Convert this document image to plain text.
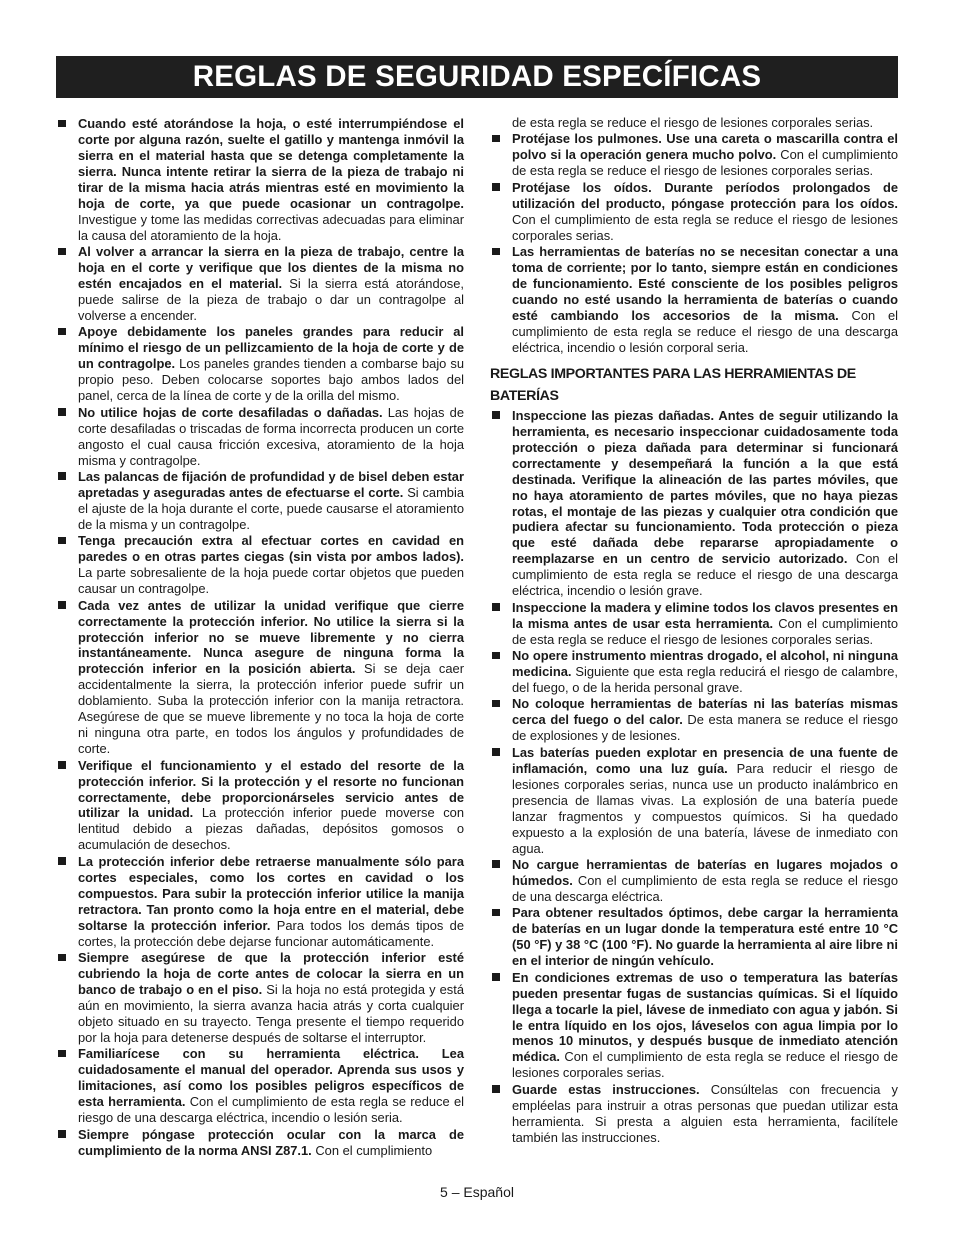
REGLAS DE SEGURIDAD ESPECÍFICAS

Cuando esté atorándose la hoja, o esté interrumpiéndose el corte por alguna razón, suelte el gatillo y mantenga inmóvil la sierra en el material hasta que se detenga completamente la sierra. Nunca intente retirar la sierra de la pieza de trabajo ni tirar de la misma hacia atrás mientras esté en movimiento la hoja de corte, ya que puede ocasionar un contragolpe. Investigue y tome las medidas correctivas adecuadas para eliminar la causa del atoramiento de la hoja.

Al volver a arrancar la sierra en la pieza de trabajo, centre la hoja en el corte y verifique que los dientes de la misma no estén encajados en el material. Si la sierra está atorándose, puede salirse de la pieza de trabajo o dar un contragolpe al volverse a encender.

Apoye debidamente los paneles grandes para reducir al mínimo el riesgo de un pellizcamiento de la hoja de corte y de un contragolpe. Los paneles grandes tienden a combarse bajo su propio peso. Deben colocarse soportes bajo ambos lados del panel, cerca de la línea de corte y de la orilla del mismo.

No utilice hojas de corte desafiladas o dañadas. Las hojas de corte desafiladas o triscadas de forma incorrecta producen un corte angosto el cual causa fricción excesiva, atoramiento de la hoja misma y contragolpe.

Las palancas de fijación de profundidad y de bisel deben estar apretadas y aseguradas antes de efectuarse el corte. Si cambia el ajuste de la hoja durante el corte, puede causarse el atoramiento de la misma y un contragolpe.

Tenga precaución extra al efectuar cortes en cavidad en paredes o en otras partes ciegas (sin vista por ambos lados). La parte sobresaliente de la hoja puede cortar objetos que pueden causar un contragolpe.

Cada vez antes de utilizar la unidad verifique que cierre correctamente la protección inferior. No utilice la sierra si la protección inferior no se mueve libremente y no cierra instantáneamente. Nunca asegure de ninguna forma la protección inferior en la posición abierta. Si se deja caer accidentalmente la sierra, la protección inferior puede sufrir un doblamiento. Suba la protección inferior con la manija retractora. Asegúrese de que se mueve libremente y no toca la hoja de corte ni ninguna otra parte, en todos los ángulos y profundidades de corte.

Verifique el funcionamiento y el estado del resorte de la protección inferior. Si la protección y el resorte no funcionan correctamente, debe proporcionárseles servicio antes de utilizar la unidad. La protección inferior puede moverse con lentitud debido a piezas dañadas, depósitos gomosos o acumulación de desechos.

La protección inferior debe retraerse manualmente sólo para cortes especiales, como los cortes en cavidad o los compuestos. Para subir la protección inferior utilice la manija retractora. Tan pronto como la hoja entre en el material, debe soltarse la protección inferior. Para todos los demás tipos de cortes, la protección debe dejarse funcionar automáticamente.

Siempre asegúrese de que la protección inferior esté cubriendo la hoja de corte antes de colocar la sierra en un banco de trabajo o en el piso. Si la hoja no está protegida y está aún en movimiento, la sierra avanza hacia atrás y corta cualquier objeto situado en su trayecto. Tenga presente el tiempo requerido por la hoja para detenerse después de soltarse el interruptor.

Familiarícese con su herramienta eléctrica. Lea cuidadosamente el manual del operador. Aprenda sus usos y limitaciones, así como los posibles peligros específicos de esta herramienta. Con el cumplimiento de esta regla se reduce el riesgo de una descarga eléctrica, incendio o lesión seria.

Siempre póngase protección ocular con la marca de cumplimiento de la norma ANSI Z87.1. Con el cumplimiento

de esta regla se reduce el riesgo de lesiones corporales serias.

Protéjase los pulmones. Use una careta o mascarilla contra el polvo si la operación genera mucho polvo. Con el cumplimiento de esta regla se reduce el riesgo de lesiones corporales serias.

Protéjase los oídos. Durante períodos prolongados de utilización del producto, póngase protección para los oídos. Con el cumplimiento de esta regla se reduce el riesgo de lesiones corporales serias.

Las herramientas de baterías no se necesitan conectar a una toma de corriente; por lo tanto, siempre están en condiciones de funcionamiento. Esté consciente de los posibles peligros cuando no esté usando la herramienta de baterías o cuando esté cambiando los accesorios de la misma. Con el cumplimiento de esta regla se reduce el riesgo de una descarga eléctrica, incendio o lesión corporal seria.

REGLAS IMPORTANTES PARA LAS HERRAMIENTAS DE BATERÍAS

Inspeccione las piezas dañadas. Antes de seguir utilizando la herramienta, es necesario inspeccionar cuidadosamente toda protección o pieza dañada para determinar si funcionará correctamente y desempeñará la función a la que está destinada. Verifique la alineación de las partes móviles, que no haya atoramiento de partes móviles, que no haya piezas rotas, el montaje de las piezas y cualquier otra condición que pudiera afectar su funcionamiento. Toda protección o pieza que esté dañada debe repararse apropiadamente o reemplazarse en un centro de servicio autorizado. Con el cumplimiento de esta regla se reduce el riesgo de una descarga eléctrica, incendio o lesión grave.

Inspeccione la madera y elimine todos los clavos presentes en la misma antes de usar esta herramienta. Con el cumplimiento de esta regla se reduce el riesgo de lesiones corporales serias.

No opere instrumento mientras drogado, el alcohol, ni ninguna medicina. Siguiente que esta regla reducirá el riesgo de calambre, del fuego, o de la herida personal grave.

No coloque herramientas de baterías ni las baterías mismas cerca del fuego o del calor. De esta manera se reduce el riesgo de explosiones y de lesiones.

Las baterías pueden explotar en presencia de una fuente de inflamación, como una luz guía. Para reducir el riesgo de lesiones corporales serias, nunca use un producto inalámbrico en presencia de llamas vivas. La explosión de una batería puede lanzar fragmentos y compuestos químicos. Si ha quedado expuesto a la explosión de una batería, lávese de inmediato con agua.

No cargue herramientas de baterías en lugares mojados o húmedos. Con el cumplimiento de esta regla se reduce el riesgo de una descarga eléctrica.

Para obtener resultados óptimos, debe cargar la herramienta de baterías en un lugar donde la temperatura esté entre 10 °C (50 °F) y 38 °C (100 °F). No guarde la herramienta al aire libre ni en el interior de ningún vehículo.

En condiciones extremas de uso o temperatura las baterías pueden presentar fugas de sustancias químicas. Si el líquido llega a tocarle la piel, lávese de inmediato con agua y jabón. Si le entra líquido en los ojos, láveselos con agua limpia por lo menos 10 minutos, y después busque de inmediato atención médica. Con el cumplimiento de esta regla se reduce el riesgo de lesiones corporales serias.

Guarde estas instrucciones. Consúltelas con frecuencia y empléelas para instruir a otras personas que puedan utilizar esta herramienta. Si presta a alguien esta herramienta, facilítele también las instrucciones.

5 – Español
